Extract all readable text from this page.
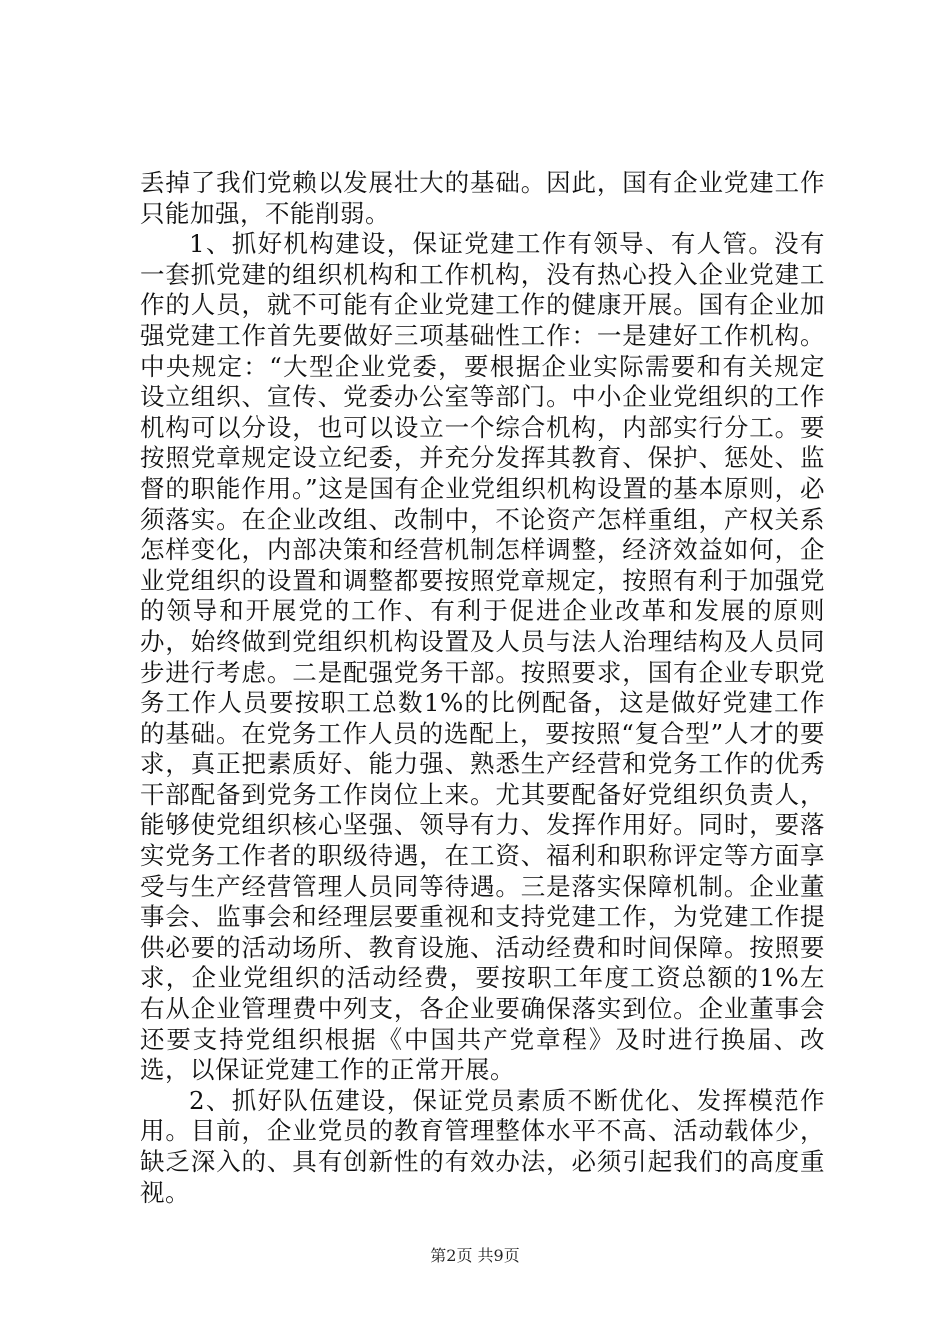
丢掉了我们党赖以发展壮大的基础。因此，国有企业党建工作只能加强，不能削弱。

1、抓好机构建设，保证党建工作有领导、有人管。没有一套抓党建的组织机构和工作机构，没有热心投入企业党建工作的人员，就不可能有企业党建工作的健康开展。国有企业加强党建工作首先要做好三项基础性工作：一是建好工作机构。中央规定：“大型企业党委，要根据企业实际需要和有关规定设立组织、宣传、党委办公室等部门。中小企业党组织的工作机构可以分设，也可以设立一个综合机构，内部实行分工。要按照党章规定设立纪委，并充分发挥其教育、保护、惩处、监督的职能作用。”这是国有企业党组织机构设置的基本原则，必须落实。在企业改组、改制中，不论资产怎样重组，产权关系怎样变化，内部决策和经营机制怎样调整，经济效益如何，企业党组织的设置和调整都要按照党章规定，按照有利于加强党的领导和开展党的工作、有利于促进企业改革和发展的原则办，始终做到党组织机构设置及人员与法人治理结构及人员同步进行考虑。二是配强党务干部。按照要求，国有企业专职党务工作人员要按职工总数1%的比例配备，这是做好党建工作的基础。在党务工作人员的选配上，要按照“复合型”人才的要求，真正把素质好、能力强、熟悉生产经营和党务工作的优秀干部配备到党务工作岗位上来。尤其要配备好党组织负责人，能够使党组织核心坚强、领导有力、发挥作用好。同时，要落实党务工作者的职级待遇，在工资、福利和职称评定等方面享受与生产经营管理人员同等待遇。三是落实保障机制。企业董事会、监事会和经理层要重视和支持党建工作，为党建工作提供必要的活动场所、教育设施、活动经费和时间保障。按照要求，企业党组织的活动经费，要按职工年度工资总额的1%左右从企业管理费中列支，各企业要确保落实到位。企业董事会还要支持党组织根据《中国共产党章程》及时进行换届、改选，以保证党建工作的正常开展。

2、抓好队伍建设，保证党员素质不断优化、发挥模范作用。目前，企业党员的教育管理整体水平不高、活动载体少，缺乏深入的、具有创新性的有效办法，必须引起我们的高度重视。

第2页 共9页
